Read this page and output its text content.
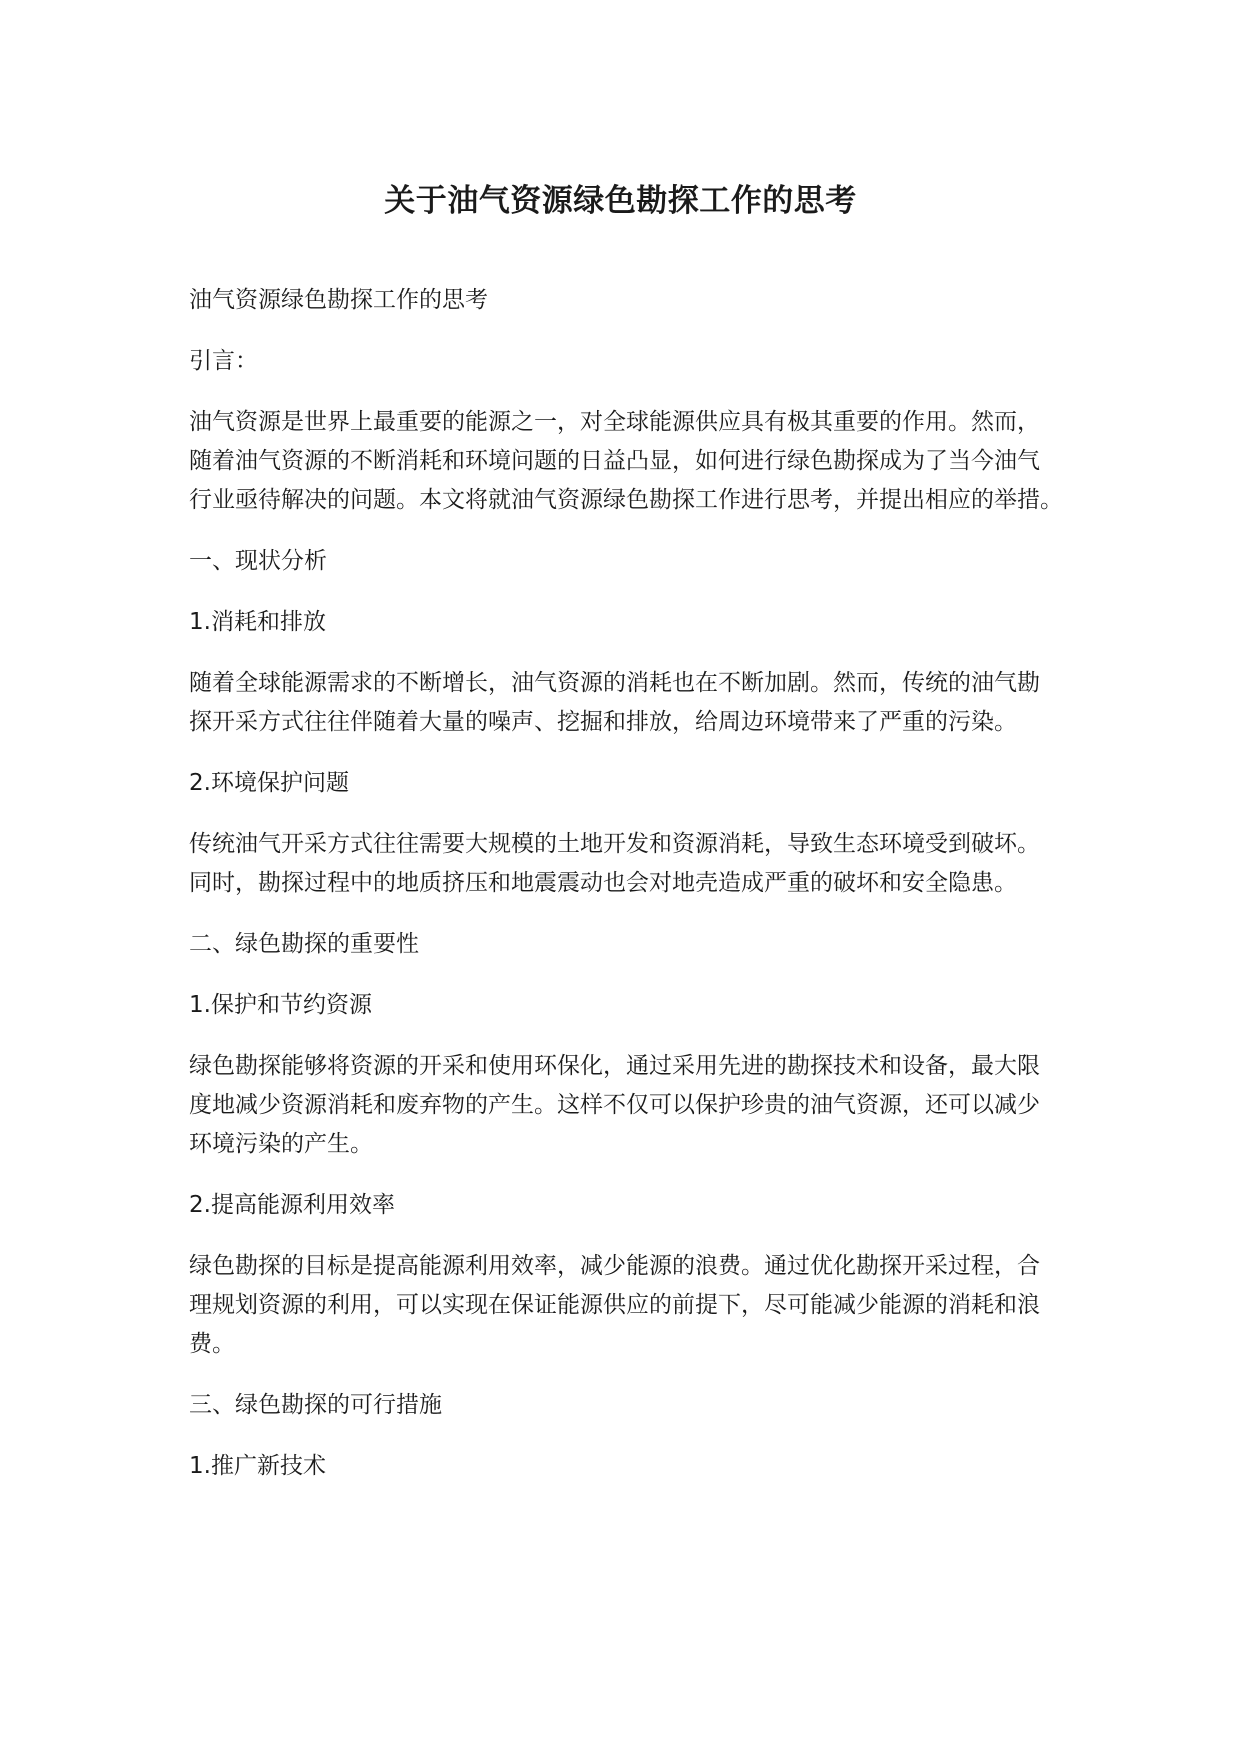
关于油气资源绿色勘探工作的思考
油气资源绿色勘探工作的思考
引言：
油气资源是世界上最重要的能源之一，对全球能源供应具有极其重要的作用。然而，
随着油气资源的不断消耗和环境问题的日益凸显，如何进行绿色勘探成为了当今油气
行业亟待解决的问题。本文将就油气资源绿色勘探工作进行思考，并提出相应的举措。
一、现状分析
1.消耗和排放
随着全球能源需求的不断增长，油气资源的消耗也在不断加剧。然而，传统的油气勘
探开采方式往往伴随着大量的噪声、挖掘和排放，给周边环境带来了严重的污染。
2.环境保护问题
传统油气开采方式往往需要大规模的土地开发和资源消耗，导致生态环境受到破坏。
同时，勘探过程中的地质挤压和地震震动也会对地壳造成严重的破坏和安全隐患。
二、绿色勘探的重要性
1.保护和节约资源
绿色勘探能够将资源的开采和使用环保化，通过采用先进的勘探技术和设备，最大限
度地减少资源消耗和废弃物的产生。这样不仅可以保护珍贵的油气资源，还可以减少
环境污染的产生。
2.提高能源利用效率
绿色勘探的目标是提高能源利用效率，减少能源的浪费。通过优化勘探开采过程，合
理规划资源的利用，可以实现在保证能源供应的前提下，尽可能减少能源的消耗和浪
费。
三、绿色勘探的可行措施
1.推广新技术
